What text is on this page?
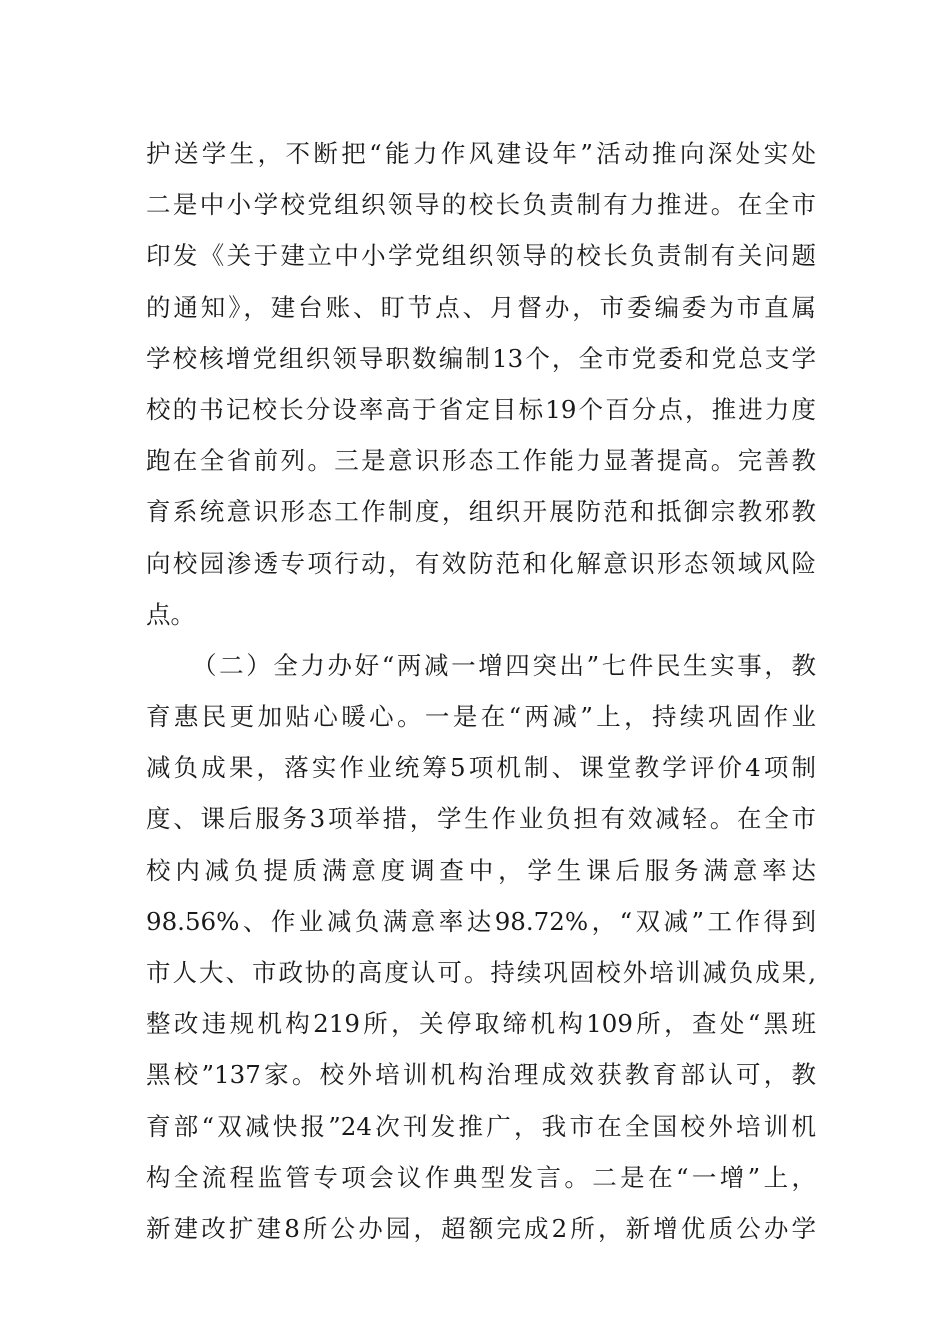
护送学生，不断把“能力作风建设年”活动推向深处实处
二是中小学校党组织领导的校长负责制有力推进。在全市
印发《关于建立中小学党组织领导的校长负责制有关问题
的通知》，建台账、盯节点、月督办，市委编委为市直属
学校核增党组织领导职数编制13个，全市党委和党总支学
校的书记校长分设率高于省定目标19个百分点，推进力度
跑在全省前列。三是意识形态工作能力显著提高。完善教
育系统意识形态工作制度，组织开展防范和抵御宗教邪教
向校园渗透专项行动，有效防范和化解意识形态领域风险
点。
（二）全力办好“两减一增四突出”七件民生实事，教
育惠民更加贴心暖心。一是在“两减”上，持续巩固作业
减负成果，落实作业统筹5项机制、课堂教学评价4项制
度、课后服务3项举措，学生作业负担有效减轻。在全市
校内减负提质满意度调查中，学生课后服务满意率达
98.56%、作业减负满意率达98.72%，“双减”工作得到
市人大、市政协的高度认可。持续巩固校外培训减负成果,
整改违规机构219所，关停取缔机构109所，查处“黑班
黑校”137家。校外培训机构治理成效获教育部认可，教
育部“双减快报”24次刊发推广，我市在全国校外培训机
构全流程监管专项会议作典型发言。二是在“一增”上，
新建改扩建8所公办园，超额完成2所，新增优质公办学
